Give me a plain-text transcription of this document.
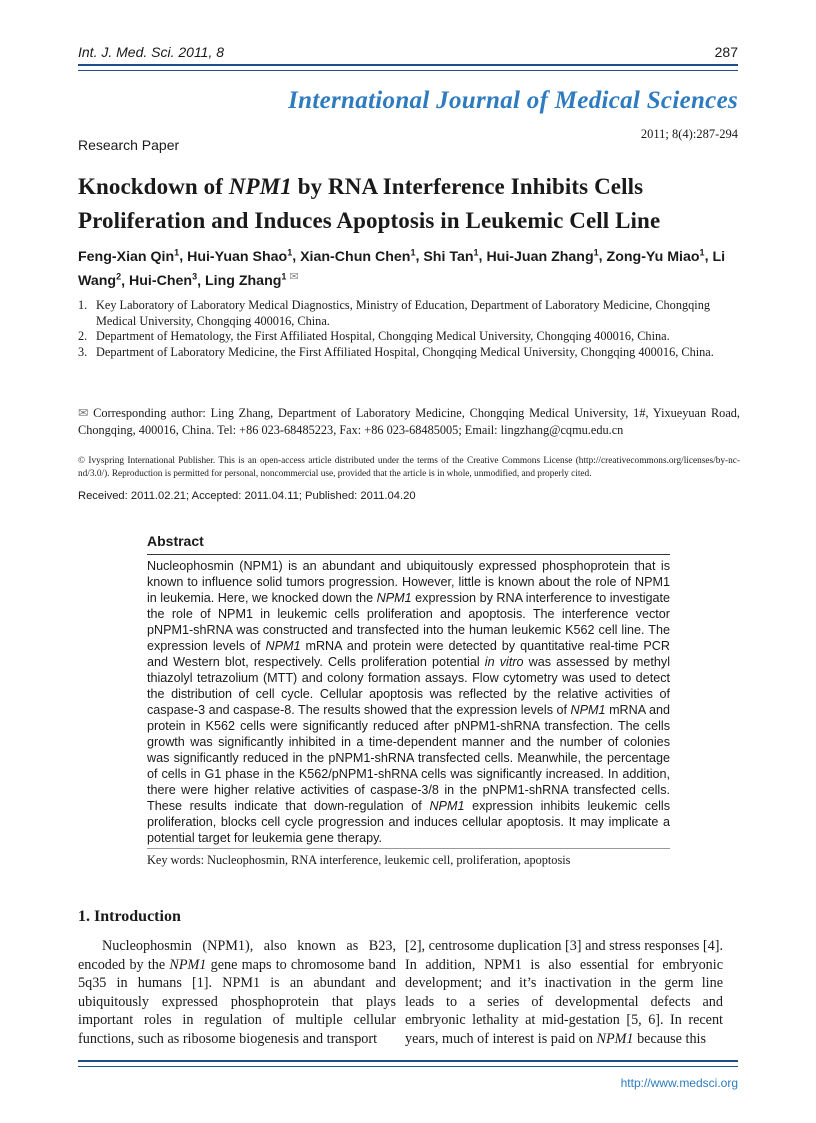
Int. J. Med. Sci. 2011, 8	287
International Journal of Medical Sciences
2011; 8(4):287-294
Research Paper
Knockdown of NPM1 by RNA Interference Inhibits Cells Proliferation and Induces Apoptosis in Leukemic Cell Line
Feng-Xian Qin$^1$, Hui-Yuan Shao$^1$, Xian-Chun Chen$^1$, Shi Tan$^1$, Hui-Juan Zhang$^1$, Zong-Yu Miao$^1$, Li Wang$^2$, Hui-Chen$^3$, Ling Zhang$^1$ ✉
1. Key Laboratory of Laboratory Medical Diagnostics, Ministry of Education, Department of Laboratory Medicine, Chongqing Medical University, Chongqing 400016, China.
2. Department of Hematology, the First Affiliated Hospital, Chongqing Medical University, Chongqing 400016, China.
3. Department of Laboratory Medicine, the First Affiliated Hospital, Chongqing Medical University, Chongqing 400016, China.
✉ Corresponding author: Ling Zhang, Department of Laboratory Medicine, Chongqing Medical University, 1#, Yixueyuan Road, Chongqing, 400016, China. Tel: +86 023-68485223, Fax: +86 023-68485005; Email: lingzhang@cqmu.edu.cn
© Ivyspring International Publisher. This is an open-access article distributed under the terms of the Creative Commons License (http://creativecommons.org/licenses/by-nc-nd/3.0/). Reproduction is permitted for personal, noncommercial use, provided that the article is in whole, unmodified, and properly cited.
Received: 2011.02.21; Accepted: 2011.04.11; Published: 2011.04.20
Abstract
Nucleophosmin (NPM1) is an abundant and ubiquitously expressed phosphoprotein that is known to influence solid tumors progression. However, little is known about the role of NPM1 in leukemia. Here, we knocked down the NPM1 expression by RNA interference to investigate the role of NPM1 in leukemic cells proliferation and apoptosis. The interference vector pNPM1-shRNA was constructed and transfected into the human leukemic K562 cell line. The expression levels of NPM1 mRNA and protein were detected by quantitative real-time PCR and Western blot, respectively. Cells proliferation potential in vitro was assessed by methyl thiazolyl tetrazolium (MTT) and colony formation assays. Flow cytometry was used to detect the distribution of cell cycle. Cellular apoptosis was reflected by the relative activities of caspase-3 and caspase-8. The results showed that the expression levels of NPM1 mRNA and protein in K562 cells were significantly reduced after pNPM1-shRNA transfection. The cells growth was significantly inhibited in a time-dependent manner and the number of colonies was significantly reduced in the pNPM1-shRNA transfected cells. Meanwhile, the percentage of cells in G1 phase in the K562/pNPM1-shRNA cells was significantly increased. In addition, there were higher relative activities of caspase-3/8 in the pNPM1-shRNA transfected cells. These results indicate that down-regulation of NPM1 expression inhibits leukemic cells proliferation, blocks cell cycle progression and induces cellular apoptosis. It may implicate a potential target for leukemia gene therapy.
Key words: Nucleophosmin, RNA interference, leukemic cell, proliferation, apoptosis
1. Introduction
Nucleophosmin (NPM1), also known as B23, encoded by the NPM1 gene maps to chromosome band 5q35 in humans [1]. NPM1 is an abundant and ubiquitously expressed phosphoprotein that plays important roles in regulation of multiple cellular functions, such as ribosome biogenesis and transport
[2], centrosome duplication [3] and stress responses [4]. In addition, NPM1 is also essential for embryonic development; and it’s inactivation in the germ line leads to a series of developmental defects and embryonic lethality at mid-gestation [5, 6]. In recent years, much of interest is paid on NPM1 because this
http://www.medsci.org
